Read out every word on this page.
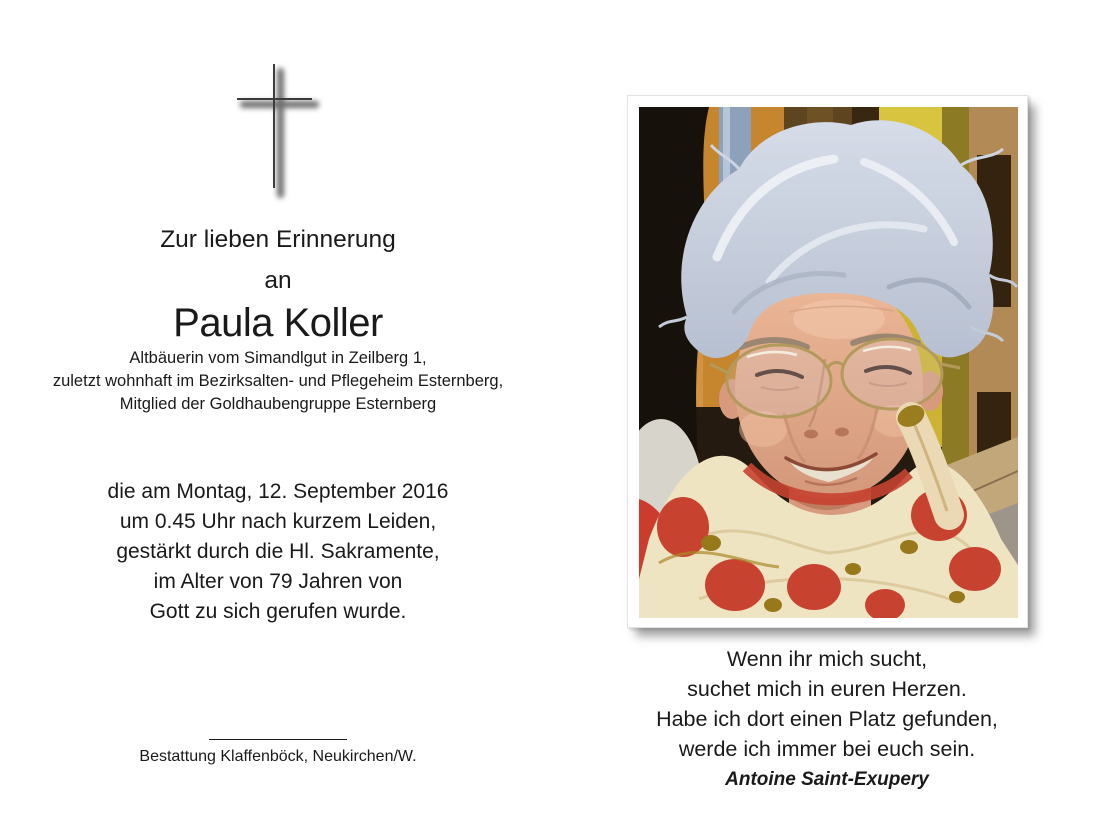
Zur lieben Erinnerung
an
Paula Koller
Altbäuerin vom Simandlgut in Zeilberg 1,
zuletzt wohnhaft im Bezirksalten- und Pflegeheim Esternberg,
Mitglied der Goldhaubengruppe Esternberg
die am Montag, 12. September 2016
um 0.45 Uhr nach kurzem Leiden,
gestärkt durch die Hl. Sakramente,
im Alter von 79 Jahren von
Gott zu sich gerufen wurde.
Bestattung Klaffenböck, Neukirchen/W.
Wenn ihr mich sucht,
suchet mich in euren Herzen.
Habe ich dort einen Platz gefunden,
werde ich immer bei euch sein.
Antoine Saint-Exupery
